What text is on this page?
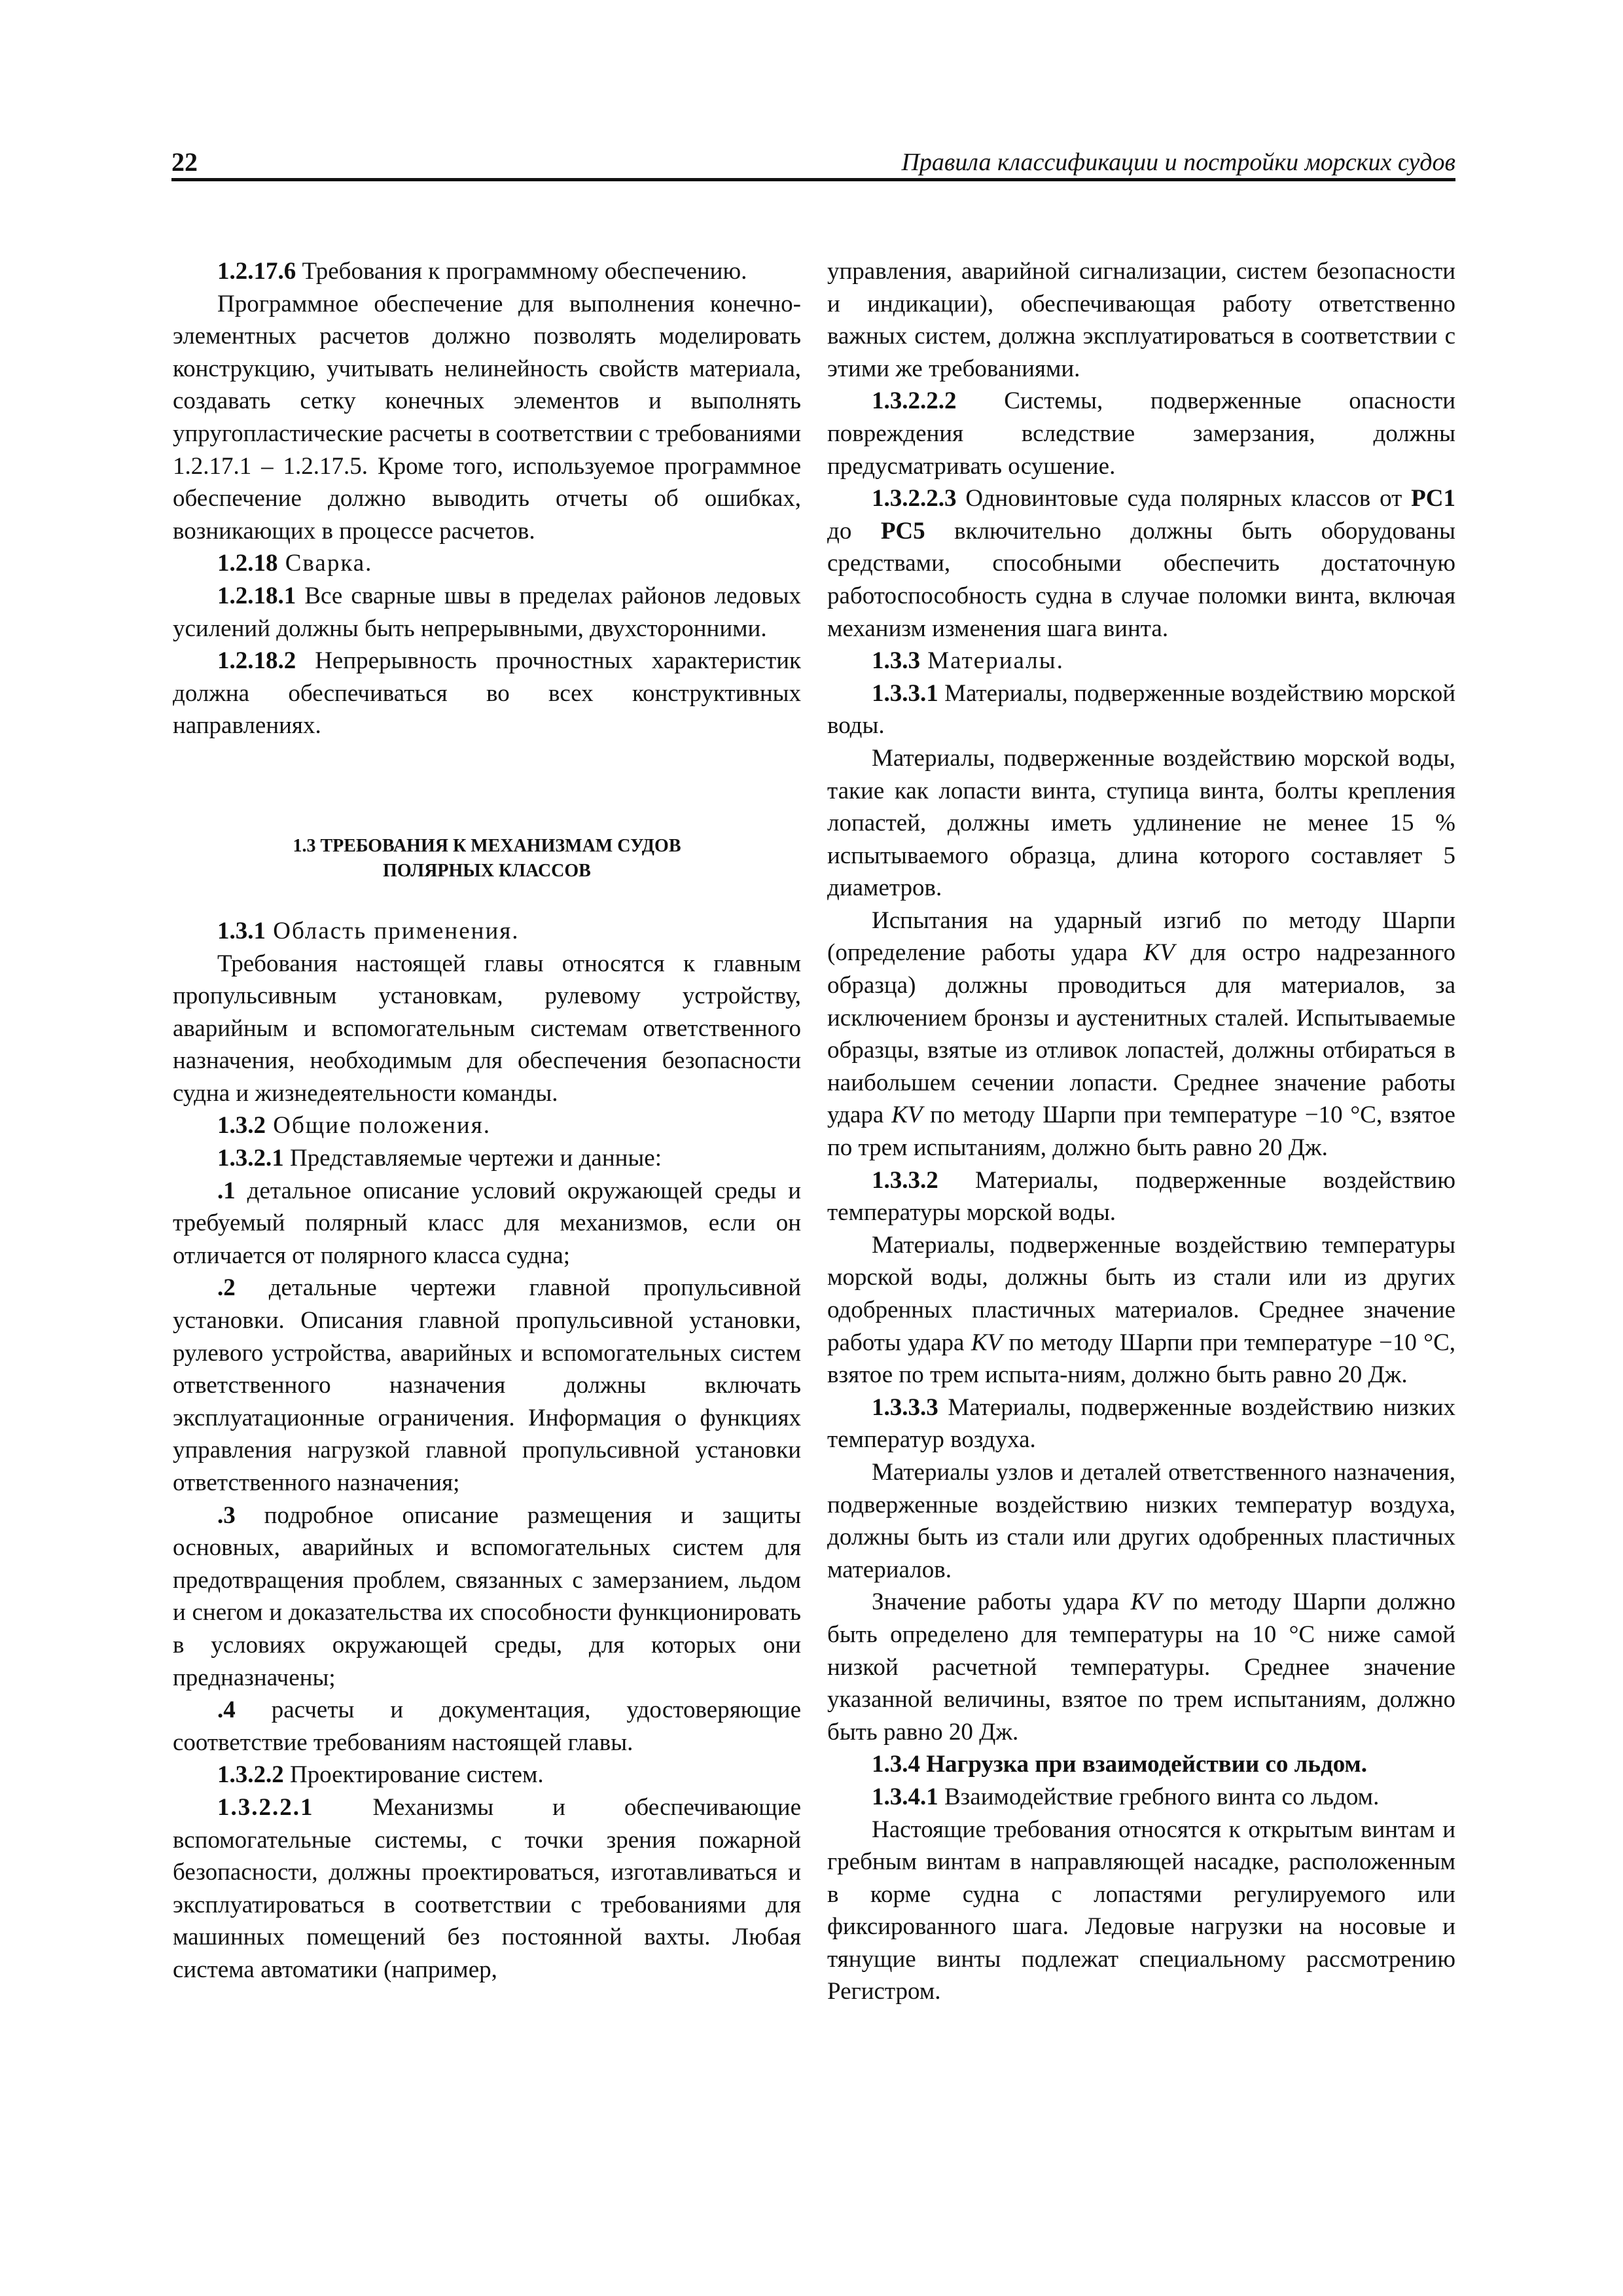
22	Правила классификации и постройки морских судов

1.2.17.6 Требования к программному обеспечению.

Программное обеспечение для выполнения конечно-элементных расчетов должно позволять моделировать конструкцию, учитывать нелинейность свойств материала, создавать сетку конечных элементов и выполнять упругопластические расчеты в соответствии с требованиями 1.2.17.1 – 1.2.17.5. Кроме того, используемое программное обеспечение должно выводить отчеты об ошибках, возникающих в процессе расчетов.

1.2.18 Сварка.

1.2.18.1 Все сварные швы в пределах районов ледовых усилений должны быть непрерывными, двухсторонними.

1.2.18.2 Непрерывность прочностных характеристик должна обеспечиваться во всех конструктивных направлениях.

1.3 ТРЕБОВАНИЯ К МЕХАНИЗМАМ СУДОВ
ПОЛЯРНЫХ КЛАССОВ

1.3.1 Область применения.

Требования настоящей главы относятся к главным пропульсивным установкам, рулевому устройству, аварийным и вспомогательным системам ответственного назначения, необходимым для обеспечения безопасности судна и жизнедеятельности команды.

1.3.2 Общие положения.

1.3.2.1 Представляемые чертежи и данные:

.1 детальное описание условий окружающей среды и требуемый полярный класс для механизмов, если он отличается от полярного класса судна;

.2 детальные чертежи главной пропульсивной установки. Описания главной пропульсивной установки, рулевого устройства, аварийных и вспомогательных систем ответственного назначения должны включать эксплуатационные ограничения. Информация о функциях управления нагрузкой главной пропульсивной установки ответственного назначения;

.3 подробное описание размещения и защиты основных, аварийных и вспомогательных систем для предотвращения проблем, связанных с замерзанием, льдом и снегом и доказательства их способности функционировать в условиях окружающей среды, для которых они предназначены;

.4 расчеты и документация, удостоверяющие соответствие требованиям настоящей главы.

1.3.2.2 Проектирование систем.

1.3.2.2.1 Механизмы и обеспечивающие вспомогательные системы, с точки зрения пожарной безопасности, должны проектироваться, изготавливаться и эксплуатироваться в соответствии с требованиями для машинных помещений без постоянной вахты. Любая система автоматики (например,

управления, аварийной сигнализации, систем безопасности и индикации), обеспечивающая работу ответственно важных систем, должна эксплуатироваться в соответствии с этими же требованиями.

1.3.2.2.2 Системы, подверженные опасности повреждения вследствие замерзания, должны предусматривать осушение.

1.3.2.2.3 Одновинтовые суда полярных классов от PC1 до PC5 включительно должны быть оборудованы средствами, способными обеспечить достаточную работоспособность судна в случае поломки винта, включая механизм изменения шага винта.

1.3.3 Материалы.

1.3.3.1 Материалы, подверженные воздействию морской воды.

Материалы, подверженные воздействию морской воды, такие как лопасти винта, ступица винта, болты крепления лопастей, должны иметь удлинение не менее 15 % испытываемого образца, длина которого составляет 5 диаметров.

Испытания на ударный изгиб по методу Шарпи (определение работы удара KV для остро надрезанного образца) должны проводиться для материалов, за исключением бронзы и аустенитных сталей. Испытываемые образцы, взятые из отливок лопастей, должны отбираться в наибольшем сечении лопасти. Среднее значение работы удара KV по методу Шарпи при температуре −10 °C, взятое по трем испытаниям, должно быть равно 20 Дж.

1.3.3.2 Материалы, подверженные воздействию температуры морской воды.

Материалы, подверженные воздействию температуры морской воды, должны быть из стали или из других одобренных пластичных материалов. Среднее значение работы удара KV по методу Шарпи при температуре −10 °C, взятое по трем испыта-ниям, должно быть равно 20 Дж.

1.3.3.3 Материалы, подверженные воздействию низких температур воздуха.

Материалы узлов и деталей ответственного назначения, подверженные воздействию низких температур воздуха, должны быть из стали или других одобренных пластичных материалов.

Значение работы удара KV по методу Шарпи должно быть определено для температуры на 10 °C ниже самой низкой расчетной температуры. Среднее значение указанной величины, взятое по трем испытаниям, должно быть равно 20 Дж.

1.3.4 Нагрузка при взаимодействии со льдом.

1.3.4.1 Взаимодействие гребного винта со льдом.

Настоящие требования относятся к открытым винтам и гребным винтам в направляющей насадке, расположенным в корме судна с лопастями регулируемого или фиксированного шага. Ледовые нагрузки на носовые и тянущие винты подлежат специальному рассмотрению Регистром.
